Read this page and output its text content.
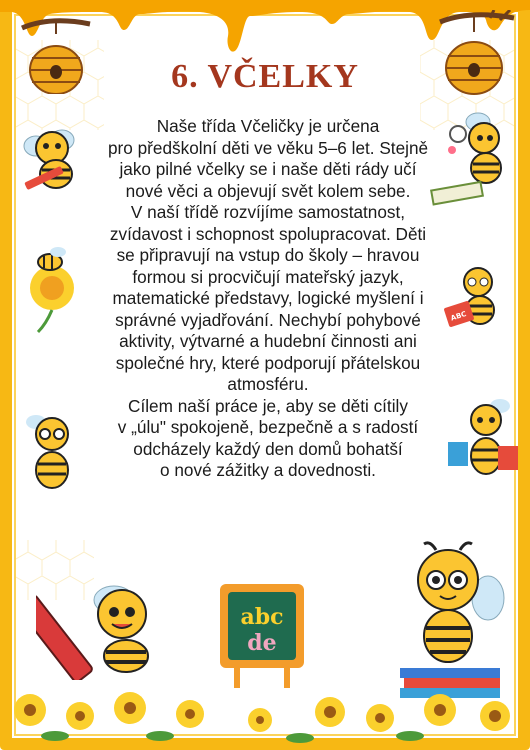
6. VČELKY
Naše třída Včeličky je určena
pro předškolní děti ve věku 5–6 let. Stejně
jako pilné včelky se i naše děti rády učí
nové věci a objevují svět kolem sebe.
V naší třídě rozvíjíme samostatnost,
zvídavost i schopnost spolupracovat. Děti
se připravují na vstup do školy – hravou
formou si procvičují mateřský jazyk,
matematické představy, logické myšlení i
správné vyjadřování. Nechybí pohybové
aktivity, výtvarné a hudební činnosti ani
společné hry, které podporují přátelskou
atmosféru.
Cílem naší práce je, aby se děti cítily
v „úlu" spokojeně, bezpečně a s radostí
odcházely každý den domů bohatší
o nové zážitky a dovednosti.
ABC
abc
de
